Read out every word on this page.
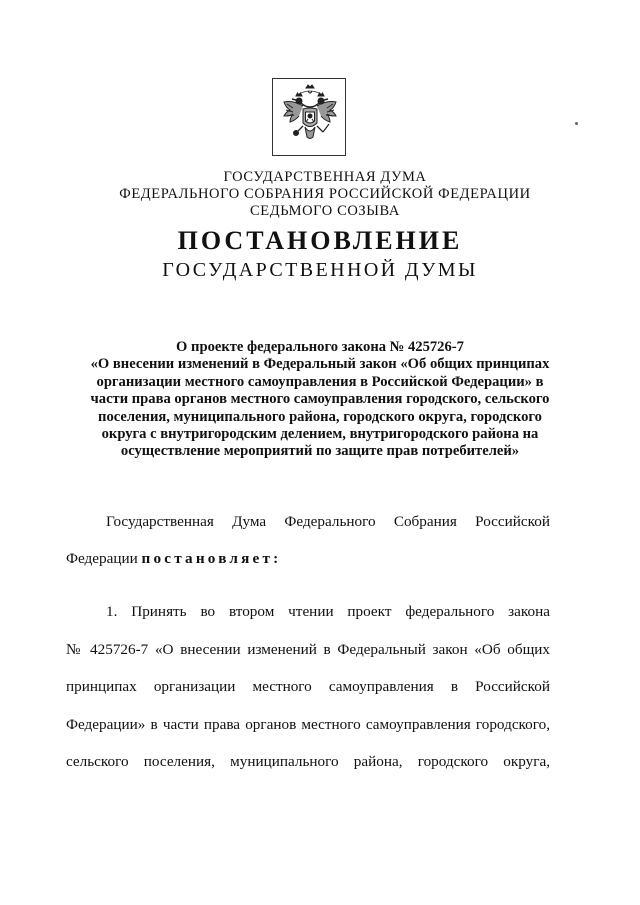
ГОСУДАРСТВЕННАЯ ДУМА
ФЕДЕРАЛЬНОГО СОБРАНИЯ РОССИЙСКОЙ ФЕДЕРАЦИИ
СЕДЬМОГО СОЗЫВА
ПОСТАНОВЛЕНИЕ
ГОСУДАРСТВЕННОЙ ДУМЫ
О проекте федерального закона № 425726-7
«О внесении изменений в Федеральный закон «Об общих принципах
организации местного самоуправления в Российской Федерации» в
части права органов местного самоуправления городского, сельского
поселения, муниципального района, городского округа, городского
округа с внутригородским делением, внутригородского района на
осуществление мероприятий по защите прав потребителей»
Государственная Дума Федерального Собрания Российской
Федерации постановляет:
1. Принять во втором чтении проект федерального закона
№ 425726-7 «О внесении изменений в Федеральный закон «Об общих
принципах организации местного самоуправления в Российской
Федерации» в части права органов местного самоуправления городского,
сельского поселения, муниципального района, городского округа,
